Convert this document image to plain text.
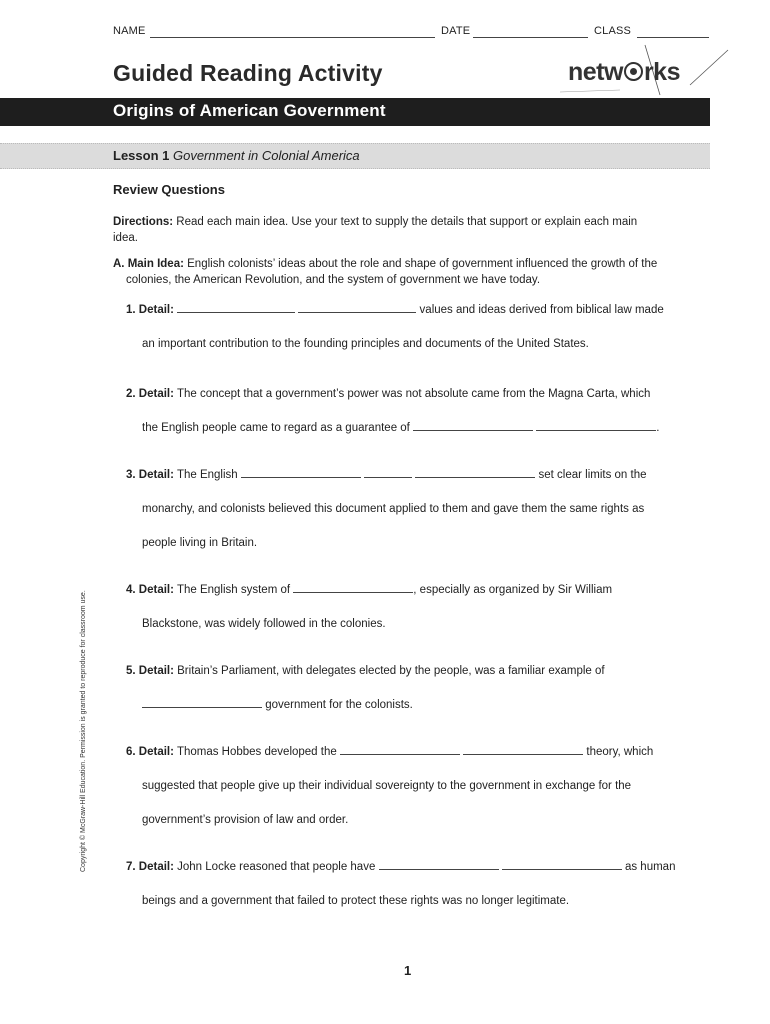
NAME	DATE	CLASS
Guided Reading Activity	netw rks
Origins of American Government
Lesson 1 Government in Colonial America
Review Questions
Directions: Read each main idea. Use your text to supply the details that support or explain each main
idea.
A. Main Idea: English colonists’ ideas about the role and shape of government influenced the growth of the
colonies, the American Revolution, and the system of government we have today.
1. Detail:	values and ideas derived from biblical law made
an important contribution to the founding principles and documents of the United States.
2. Detail: The concept that a government’s power was not absolute came from the Magna Carta, which
the English people came to regard as a guarantee of	.
3. Detail: The English	set clear limits on the
monarchy, and colonists believed this document applied to them and gave them the same rights as
people living in Britain.
4. Detail: The English system of	, especially as organized by Sir William
Blackstone, was widely followed in the colonies.
5. Detail: Britain’s Parliament, with delegates elected by the people, was a familiar example of
government for the colonists.
6. Detail: Thomas Hobbes developed the	theory, which
suggested that people give up their individual sovereignty to the government in exchange for the
government’s provision of law and order.
7. Detail: John Locke reasoned that people have	as human
beings and a government that failed to protect these rights was no longer legitimate.
Copyright © McGraw-Hill Education. Permission is granted to reproduce for classroom use.
1
